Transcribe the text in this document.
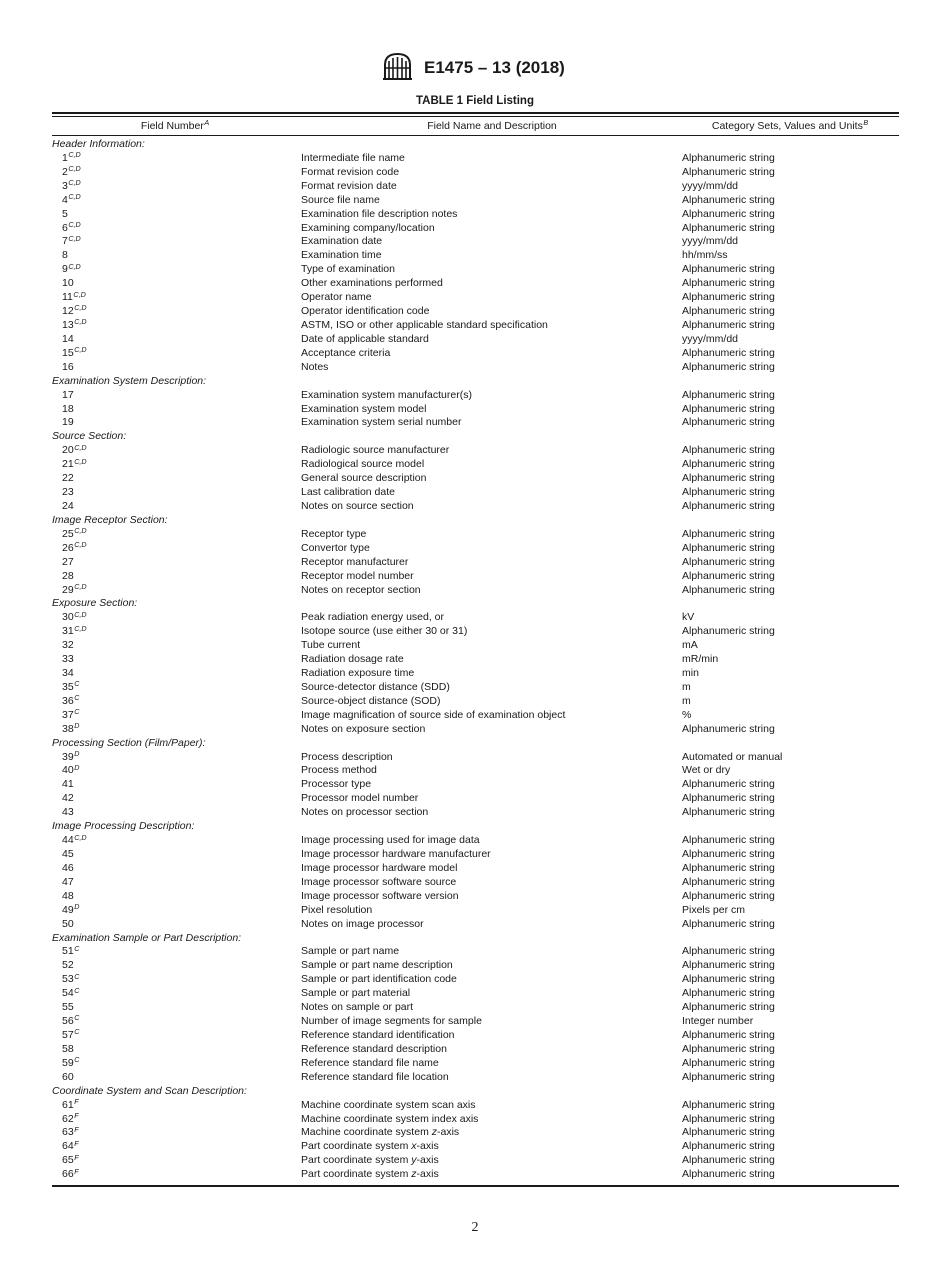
E1475 – 13 (2018)
TABLE 1 Field Listing
Field Number$^A$	Field Name and Description	Category Sets, Values and Units$^B$
Header Information:
$1^{C,D}$	Intermediate file name	Alphanumeric string
$2^{C,D}$	Format revision code	Alphanumeric string
$3^{C,D}$	Format revision date	yyyy/mm/dd
$4^{C,D}$	Source file name	Alphanumeric string
5	Examination file description notes	Alphanumeric string
$6^{C,D}$	Examining company/location	Alphanumeric string
$7^{C,D}$	Examination date	yyyy/mm/dd
8	Examination time	hh/mm/ss
$9^{C,D}$	Type of examination	Alphanumeric string
10	Other examinations performed	Alphanumeric string
$11^{C,D}$	Operator name	Alphanumeric string
$12^{C,D}$	Operator identification code	Alphanumeric string
$13^{C,D}$	ASTM, ISO or other applicable standard specification	Alphanumeric string
14	Date of applicable standard	yyyy/mm/dd
$15^{C,D}$	Acceptance criteria	Alphanumeric string
16	Notes	Alphanumeric string
Examination System Description:
17	Examination system manufacturer(s)	Alphanumeric string
18	Examination system model	Alphanumeric string
19	Examination system serial number	Alphanumeric string
Source Section:
$20^{C,D}$	Radiologic source manufacturer	Alphanumeric string
$21^{C,D}$	Radiological source model	Alphanumeric string
22	General source description	Alphanumeric string
23	Last calibration date	Alphanumeric string
24	Notes on source section	Alphanumeric string
Image Receptor Section:
$25^{C,D}$	Receptor type	Alphanumeric string
$26^{C,D}$	Convertor type	Alphanumeric string
27	Receptor manufacturer	Alphanumeric string
28	Receptor model number	Alphanumeric string
$29^{C,D}$	Notes on receptor section	Alphanumeric string
Exposure Section:
$30^{C,D}$	Peak radiation energy used, or	kV
$31^{C,D}$	Isotope source (use either 30 or 31)	Alphanumeric string
32	Tube current	mA
33	Radiation dosage rate	mR/min
34	Radiation exposure time	min
$35^C$	Source-detector distance (SDD)	m
$36^C$	Source-object distance (SOD)	m
$37^C$	Image magnification of source side of examination object	%
$38^D$	Notes on exposure section	Alphanumeric string
Processing Section (Film/Paper):
$39^D$	Process description	Automated or manual
$40^D$	Process method	Wet or dry
41	Processor type	Alphanumeric string
42	Processor model number	Alphanumeric string
43	Notes on processor section	Alphanumeric string
Image Processing Description:
$44^{C,D}$	Image processing used for image data	Alphanumeric string
45	Image processor hardware manufacturer	Alphanumeric string
46	Image processor hardware model	Alphanumeric string
47	Image processor software source	Alphanumeric string
48	Image processor software version	Alphanumeric string
$49^D$	Pixel resolution	Pixels per cm
50	Notes on image processor	Alphanumeric string
Examination Sample or Part Description:
$51^C$	Sample or part name	Alphanumeric string
52	Sample or part name description	Alphanumeric string
$53^C$	Sample or part identification code	Alphanumeric string
$54^C$	Sample or part material	Alphanumeric string
55	Notes on sample or part	Alphanumeric string
$56^C$	Number of image segments for sample	Integer number
$57^C$	Reference standard identification	Alphanumeric string
58	Reference standard description	Alphanumeric string
$59^C$	Reference standard file name	Alphanumeric string
60	Reference standard file location	Alphanumeric string
Coordinate System and Scan Description:
$61^F$	Machine coordinate system scan axis	Alphanumeric string
$62^F$	Machine coordinate system index axis	Alphanumeric string
$63^F$	Machine coordinate system z-axis	Alphanumeric string
$64^F$	Part coordinate system x-axis	Alphanumeric string
$65^F$	Part coordinate system y-axis	Alphanumeric string
$66^F$	Part coordinate system z-axis	Alphanumeric string
2
